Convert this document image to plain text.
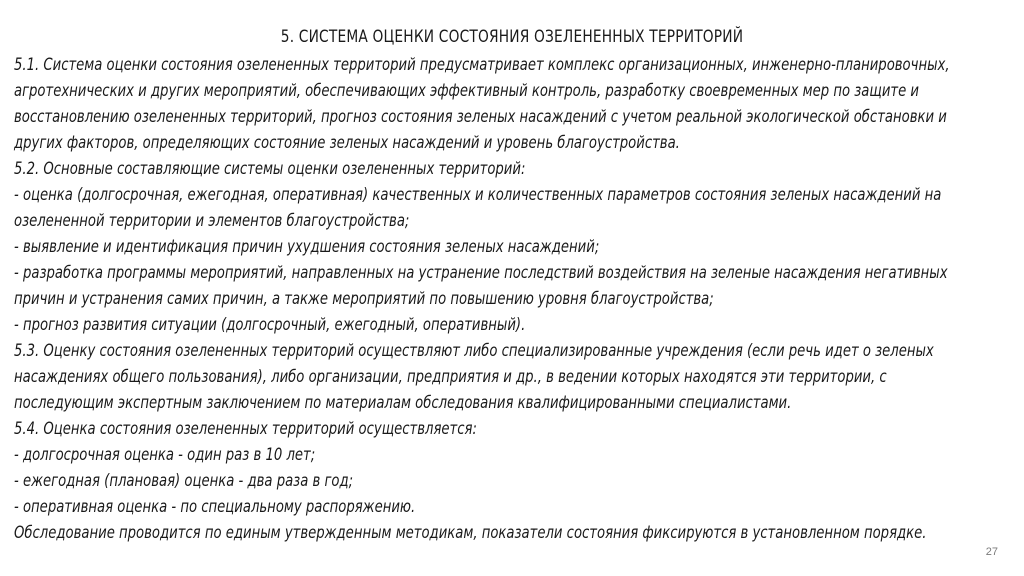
5. СИСТЕМА ОЦЕНКИ СОСТОЯНИЯ ОЗЕЛЕНЕННЫХ ТЕРРИТОРИЙ
5.1. Система оценки состояния озелененных территорий предусматривает комплекс организационных, инженерно-планировочных,
агротехнических и других мероприятий, обеспечивающих эффективный контроль, разработку своевременных мер по защите и
восстановлению озелененных территорий, прогноз состояния зеленых насаждений с учетом реальной экологической обстановки и
других факторов, определяющих состояние зеленых насаждений и уровень благоустройства.
5.2. Основные составляющие системы оценки озелененных территорий:
- оценка (долгосрочная, ежегодная, оперативная) качественных и количественных параметров состояния зеленых насаждений на
озелененной территории и элементов благоустройства;
- выявление и идентификация причин ухудшения состояния зеленых насаждений;
- разработка программы мероприятий, направленных на устранение последствий воздействия на зеленые насаждения негативных
причин и устранения самих причин, а также мероприятий по повышению уровня благоустройства;
- прогноз развития ситуации (долгосрочный, ежегодный, оперативный).
5.3. Оценку состояния озелененных территорий осуществляют либо специализированные учреждения (если речь идет о зеленых
насаждениях общего пользования), либо организации, предприятия и др., в ведении которых находятся эти территории, с
последующим экспертным заключением по материалам обследования квалифицированными специалистами.
5.4. Оценка состояния озелененных территорий осуществляется:
- долгосрочная оценка - один раз в 10 лет;
- ежегодная (плановая) оценка - два раза в год;
- оперативная оценка - по специальному распоряжению.
Обследование проводится по единым утвержденным методикам, показатели состояния фиксируются в установленном порядке.
27
